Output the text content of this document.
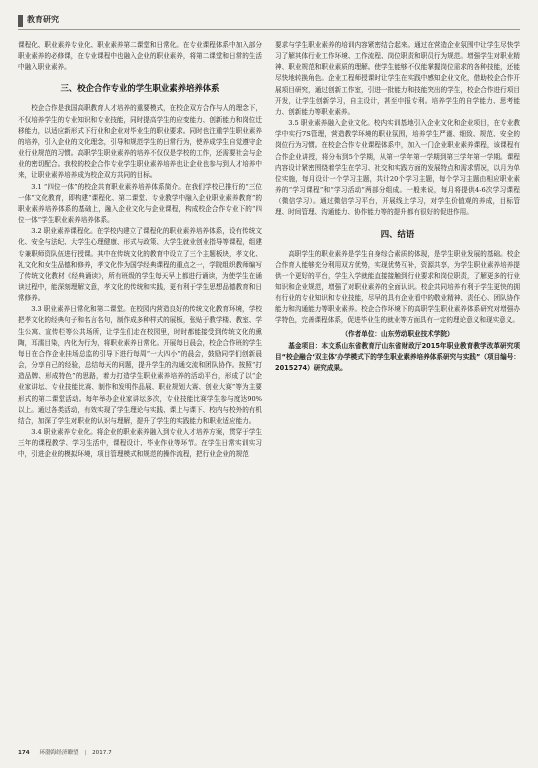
教育研究

课程化、职业素养专业化、职业素养第二课堂和日常化。在专业课程体系中加入部分职业素养的必修课，在专业课程中也融入企业的职业素养，将第二课堂和日常的生活中融入职业素养。

三、校企合作专业的学生职业素养培养体系

校企合作是我国高职教育人才培养的重要模式，在校企双方合作与人的理念下，不仅培养学生的专业知识和专业技能，同时提高学生的应变能力、创新能力和岗位迁移能力，以适应新形式下行业和企业对毕业生的职业要求。同时也注重学生职业素养的培养，引入企业的文化理念，引导和规范学生的日常行为，使养成学生自觉遵守企业行业规范的习惯。高职学生职业素养的培养不仅仅是学校的工作，还需要社会与企业的密切配合。我校的校企合作专业学生职业素养培养也让企业也参与到人才培养中来，让职业素养培养成为校企双方共同的目标。

3.1 “四位一体”的校企共育职业素养培养体系简介。在我们学校已推行的“三位一体”文化教育，即构建“课程化、第二课堂、专业教学中融入企业职业素养教育”的职业素养培养体系的基础上，融入企业文化与企业课程，构成校企合作专业下的“四位一体”学生职业素养培养体系。

3.2 职业素养课程化。在学校内建立了课程化的职业素养培养体系，设有传统文化、安全与法纪、大学生心理健康、形式与政策、大学生就业创业指导等课程，组建专兼职师资队伍进行授课。其中在传统文化的教育中设立了三个主题板块，孝文化、礼文化和女生品德和修养，孝文化作为国学经典课程的重点之一，学院组织教师编写了传统文化教材《经典诵读》，所有班级的学生每天早上都进行诵读，为使学生在诵读过程中，能深刻理解文意，孝文化的传统和实践，更有利于学生思想品德教育和日常修养。

3.3 职业素养日常化和第二课堂。在校园内营造良好的传统文化教育环境，学校把孝文化的经典句子和名言名句，制作成多种样式的展板，张贴于教学楼、教室、学生公寓、宣传栏等公共场所，让学生们走在校园里，时时都能接受到传统文化的熏陶，耳濡目染，内化为行为，将职业素养日常化。开展每日晨会，校企合作班的学生每日在合作企业挂场总监的引导下进行每周“一大四小”的晨会，鼓励同学们创新晨会，分享自己的经验，总结每天的问题，提升学生的沟通交流和团队协作。按照“打造品牌、形成特色”的思路，着力打造学生职业素养培养的活动平台，形成了以“企业家讲坛、专业技能比赛、制作和发明作品展、职业规划大赛、创业大赛”等为主要形式的第二课堂活动。每年举办企业家讲坛多次，专业技能比赛学生参与度达90%以上。通过各类活动，有效实现了学生理论与实践、课上与课下、校内与校外的有机结合，加深了学生对职业的认识与理解，提升了学生的实践能力和职业适应能力。

3.4 职业素养专业化。将企业的职业素养融入到专业人才培养方案，贯穿于学生三年的课程教学、学习生活中，课程设计、毕业作业等环节。在学生日常实训实习中，引进企业的模拟环境，项目管理模式和规范的操作流程，把行业企业的规范

要求与学生职业素养的培训内容紧密结合起来。通过在营造企业氛围中让学生尽快学习了解其体行业工作环境、工作流程、岗位职责和职员行为规范。增强学生对职业精神、职业规范和职业素质的理解。使学生能够不仅能掌握岗位需求的各种技能，还能尽快地转换角色。企业工程师授课时让学生在实践中感知企业文化，借助校企合作开展项目研究，通过创新工作室，引进一批能力和技能突出的学生，校企合作进行项目开发，让学生创新学习，自主设计，甚至申报专利。培养学生的自学能力、思考能力、创新能力等职业素养。

3.5 职业素养融入企业文化。校内实训基地引入企业文化和企业项目，在专业教学中实行7S管理，营造教学环境的职业氛围，培养学生严谨、细致、规范、安全的岗位行为习惯。在校企合作专业课程体系中，加入一门企业职业素养课程，该课程有合作企业讲授，将分布到5个学期，从第一学年第一学期到第三学年第一学期。课程内容设计紧密围绕着学生在学习、社交和实践方面的发展特点和需求情况，以月为单位实施，每月设计一个学习主题，共计20个学习主题，每个学习主题由相应职业素养的“学习课程”和“学习活动”两部分组成。一般来说，每月将提供4-6次学习课程（微信学习）。通过微信学习平台，开展线上学习，对学生价值观的养成，目标管理、时间管理、沟通能力、协作能力等的提升都有很好的促进作用。

四、结语

高职学生的职业素养是学生自身综合素质的体现，是学生职业发展的基础。校企合作育人能够充分利用双方优势，实现优势互补，资源共享，为学生职业素养培养提供一个更好的平台，学生入学就能直接接触到行业要求和岗位职责，了解更多的行业知识和企业规范，增强了对职业素养的全面认识。校企共同培养有利于学生更快的拥有行业的专业知识和专业技能，尽早的具有企业看中的敬业精神、责任心、团队协作能力和沟通能力等职业素养。校企合作环境下的高职学生职业素养体系研究对增强办学特色，完善课程体系，促进毕业生的就业等方面具有一定的理论意义和现实意义。

（作者单位：山东劳动职业技术学院）

基金项目：本文系山东省教育厅山东省财政厅2015年职业教育教学改革研究项目“校企融合‘双主体’办学模式下的学生职业素养培养体系研究与实践”（项目编号：2015274）研究成果。

174 环渤海经济瞭望 | 2017.7
